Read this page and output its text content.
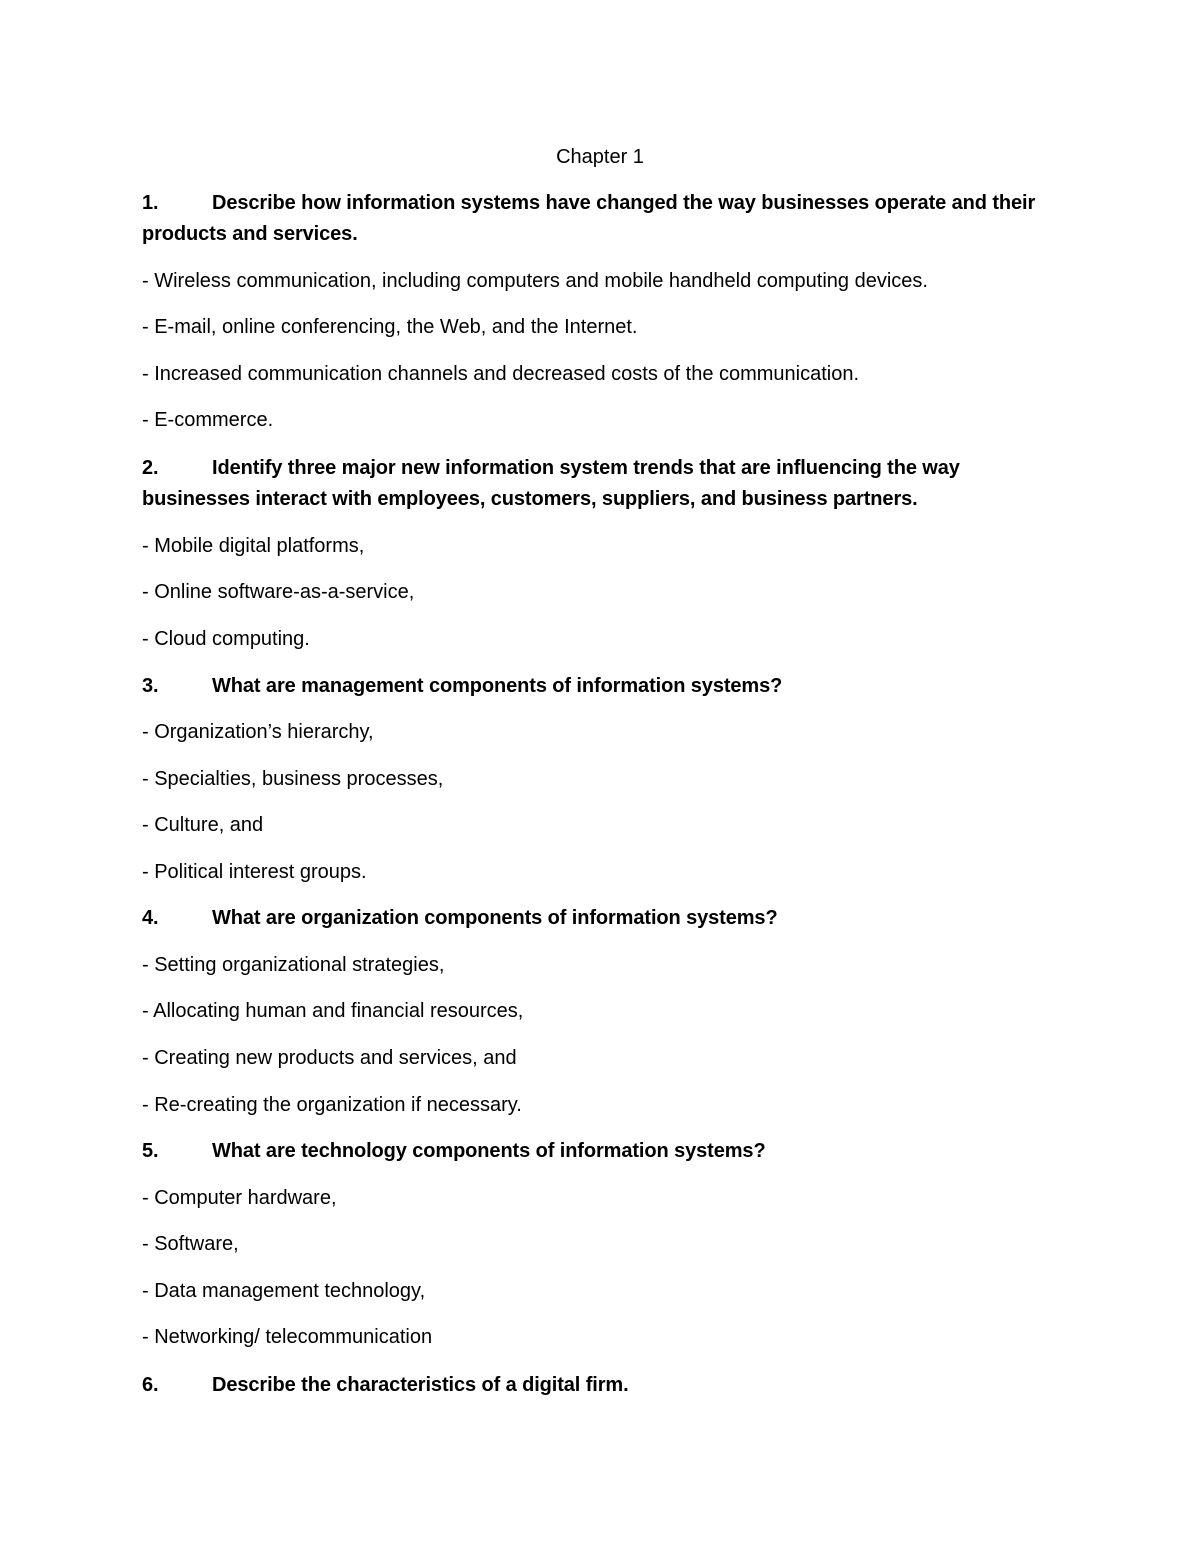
Chapter 1
1.	Describe how information systems have changed the way businesses operate and their products and services.
- Wireless communication, including computers and mobile handheld computing devices.
- E-mail, online conferencing, the Web, and the Internet.
- Increased communication channels and decreased costs of the communication.
- E-commerce.
2.	Identify three major new information system trends that are influencing the way businesses interact with employees, customers, suppliers, and business partners.
- Mobile digital platforms,
- Online software-as-a-service,
- Cloud computing.
3.	What are management components of information systems?
- Organization’s hierarchy,
- Specialties, business processes,
- Culture, and
- Political interest groups.
4.	What are organization components of information systems?
- Setting organizational strategies,
- Allocating human and financial resources,
- Creating new products and services, and
- Re-creating the organization if necessary.
5.	What are technology components of information systems?
- Computer hardware,
- Software,
- Data management technology,
- Networking/ telecommunication
6.	Describe the characteristics of a digital firm.
